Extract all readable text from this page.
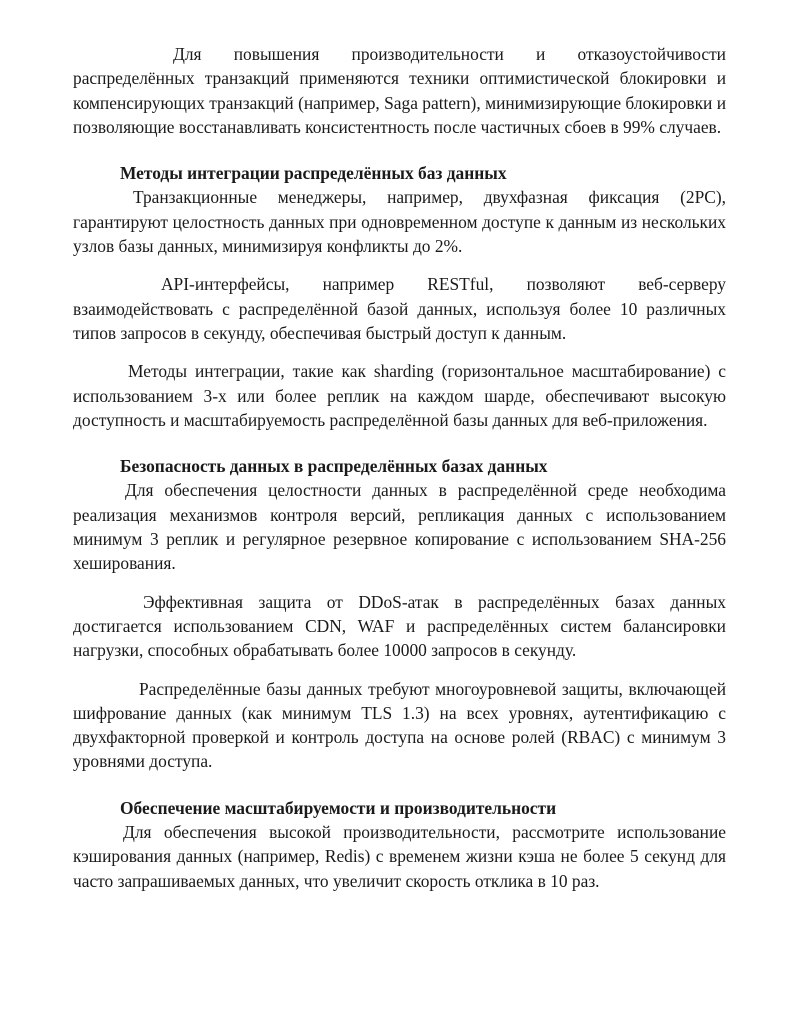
Для повышения производительности и отказоустойчивости распределённых транзакций применяются техники оптимистической блокировки и компенсирующих транзакций (например, Saga pattern), минимизирующие блокировки и позволяющие восстанавливать консистентность после частичных сбоев в 99% случаев.

Методы интеграции распределённых баз данных

Транзакционные менеджеры, например, двухфазная фиксация (2PC), гарантируют целостность данных при одновременном доступе к данным из нескольких узлов базы данных, минимизируя конфликты до 2%.

API-интерфейсы, например RESTful, позволяют веб-серверу взаимодействовать с распределённой базой данных, используя более 10 различных типов запросов в секунду, обеспечивая быстрый доступ к данным.

Методы интеграции, такие как sharding (горизонтальное масштабирование) с использованием 3-х или более реплик на каждом шарде, обеспечивают высокую доступность и масштабируемость распределённой базы данных для веб-приложения.

Безопасность данных в распределённых базах данных

Для обеспечения целостности данных в распределённой среде необходима реализация механизмов контроля версий, репликация данных с использованием минимум 3 реплик и регулярное резервное копирование с использованием SHA-256 хеширования.

Эффективная защита от DDoS-атак в распределённых базах данных достигается использованием CDN, WAF и распределённых систем балансировки нагрузки, способных обрабатывать более 10000 запросов в секунду.

Распределённые базы данных требуют многоуровневой защиты, включающей шифрование данных (как минимум TLS 1.3) на всех уровнях, аутентификацию с двухфакторной проверкой и контроль доступа на основе ролей (RBAC) с минимум 3 уровнями доступа.

Обеспечение масштабируемости и производительности

Для обеспечения высокой производительности, рассмотрите использование кэширования данных (например, Redis) с временем жизни кэша не более 5 секунд для часто запрашиваемых данных, что увеличит скорость отклика в 10 раз.
